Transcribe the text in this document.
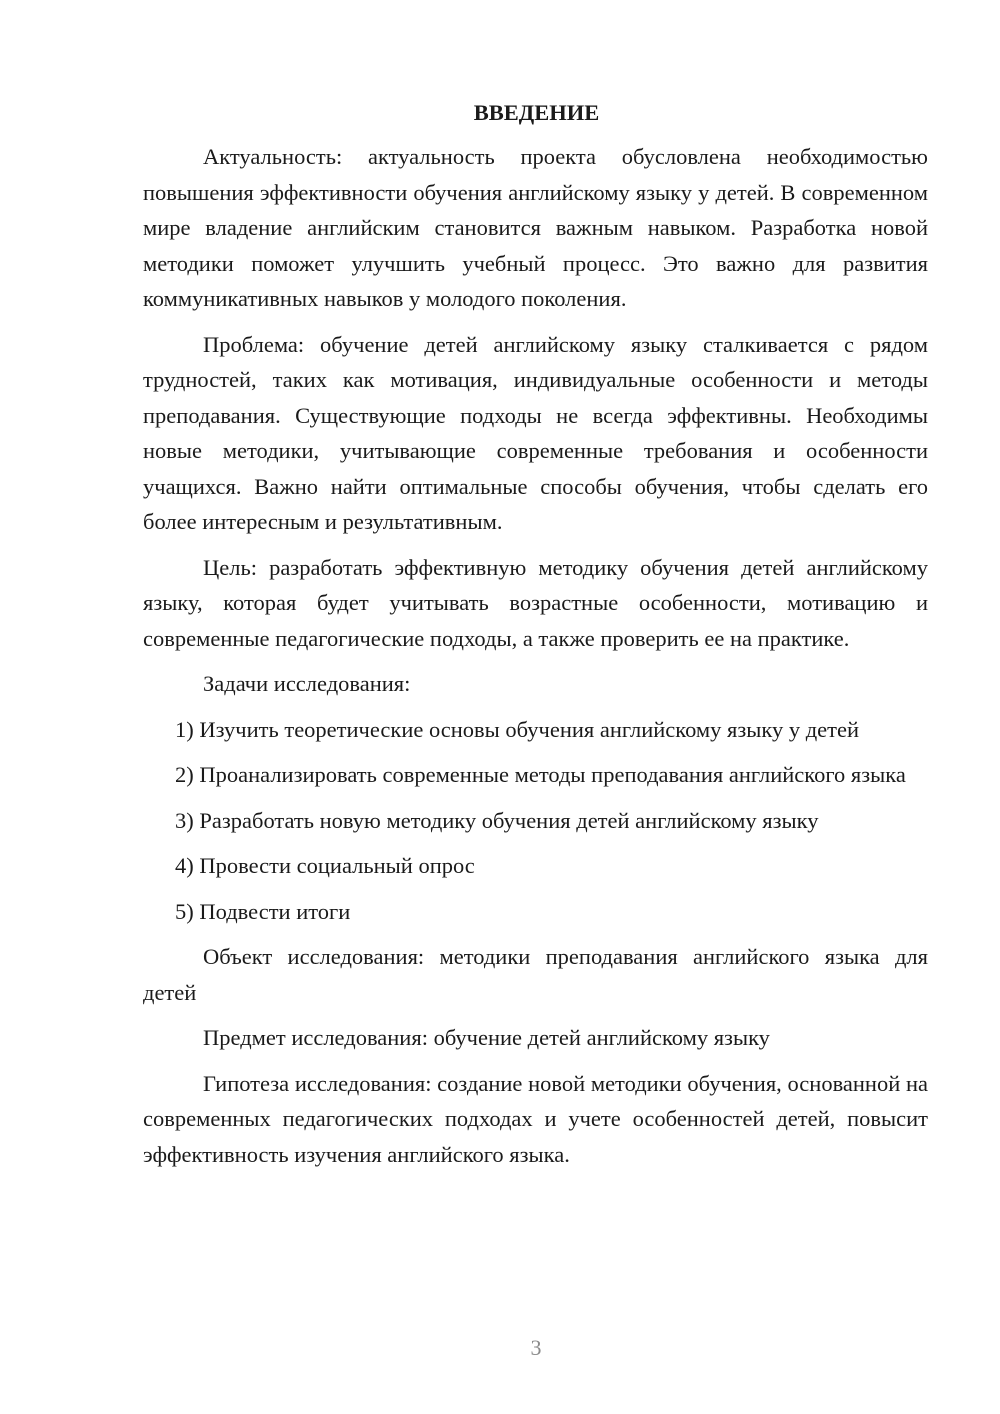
ВВЕДЕНИЕ

Актуальность: актуальность проекта обусловлена необходимостью повышения эффективности обучения английскому языку у детей. В современном мире владение английским становится важным навыком. Разработка новой методики поможет улучшить учебный процесс. Это важно для развития коммуникативных навыков у молодого поколения.

Проблема: обучение детей английскому языку сталкивается с рядом трудностей, таких как мотивация, индивидуальные особенности и методы преподавания. Существующие подходы не всегда эффективны. Необходимы новые методики, учитывающие современные требования и особенности учащихся. Важно найти оптимальные способы обучения, чтобы сделать его более интересным и результативным.

Цель: разработать эффективную методику обучения детей английскому языку, которая будет учитывать возрастные особенности, мотивацию и современные педагогические подходы, а также проверить ее на практике.

Задачи исследования:

1) Изучить теоретические основы обучения английскому языку у детей

2) Проанализировать современные методы преподавания английского языка

3) Разработать новую методику обучения детей английскому языку

4) Провести социальный опрос

5) Подвести итоги

Объект исследования: методики преподавания английского языка для детей

Предмет исследования: обучение детей английскому языку

Гипотеза исследования: создание новой методики обучения, основанной на современных педагогических подходах и учете особенностей детей, повысит эффективность изучения английского языка.

3
